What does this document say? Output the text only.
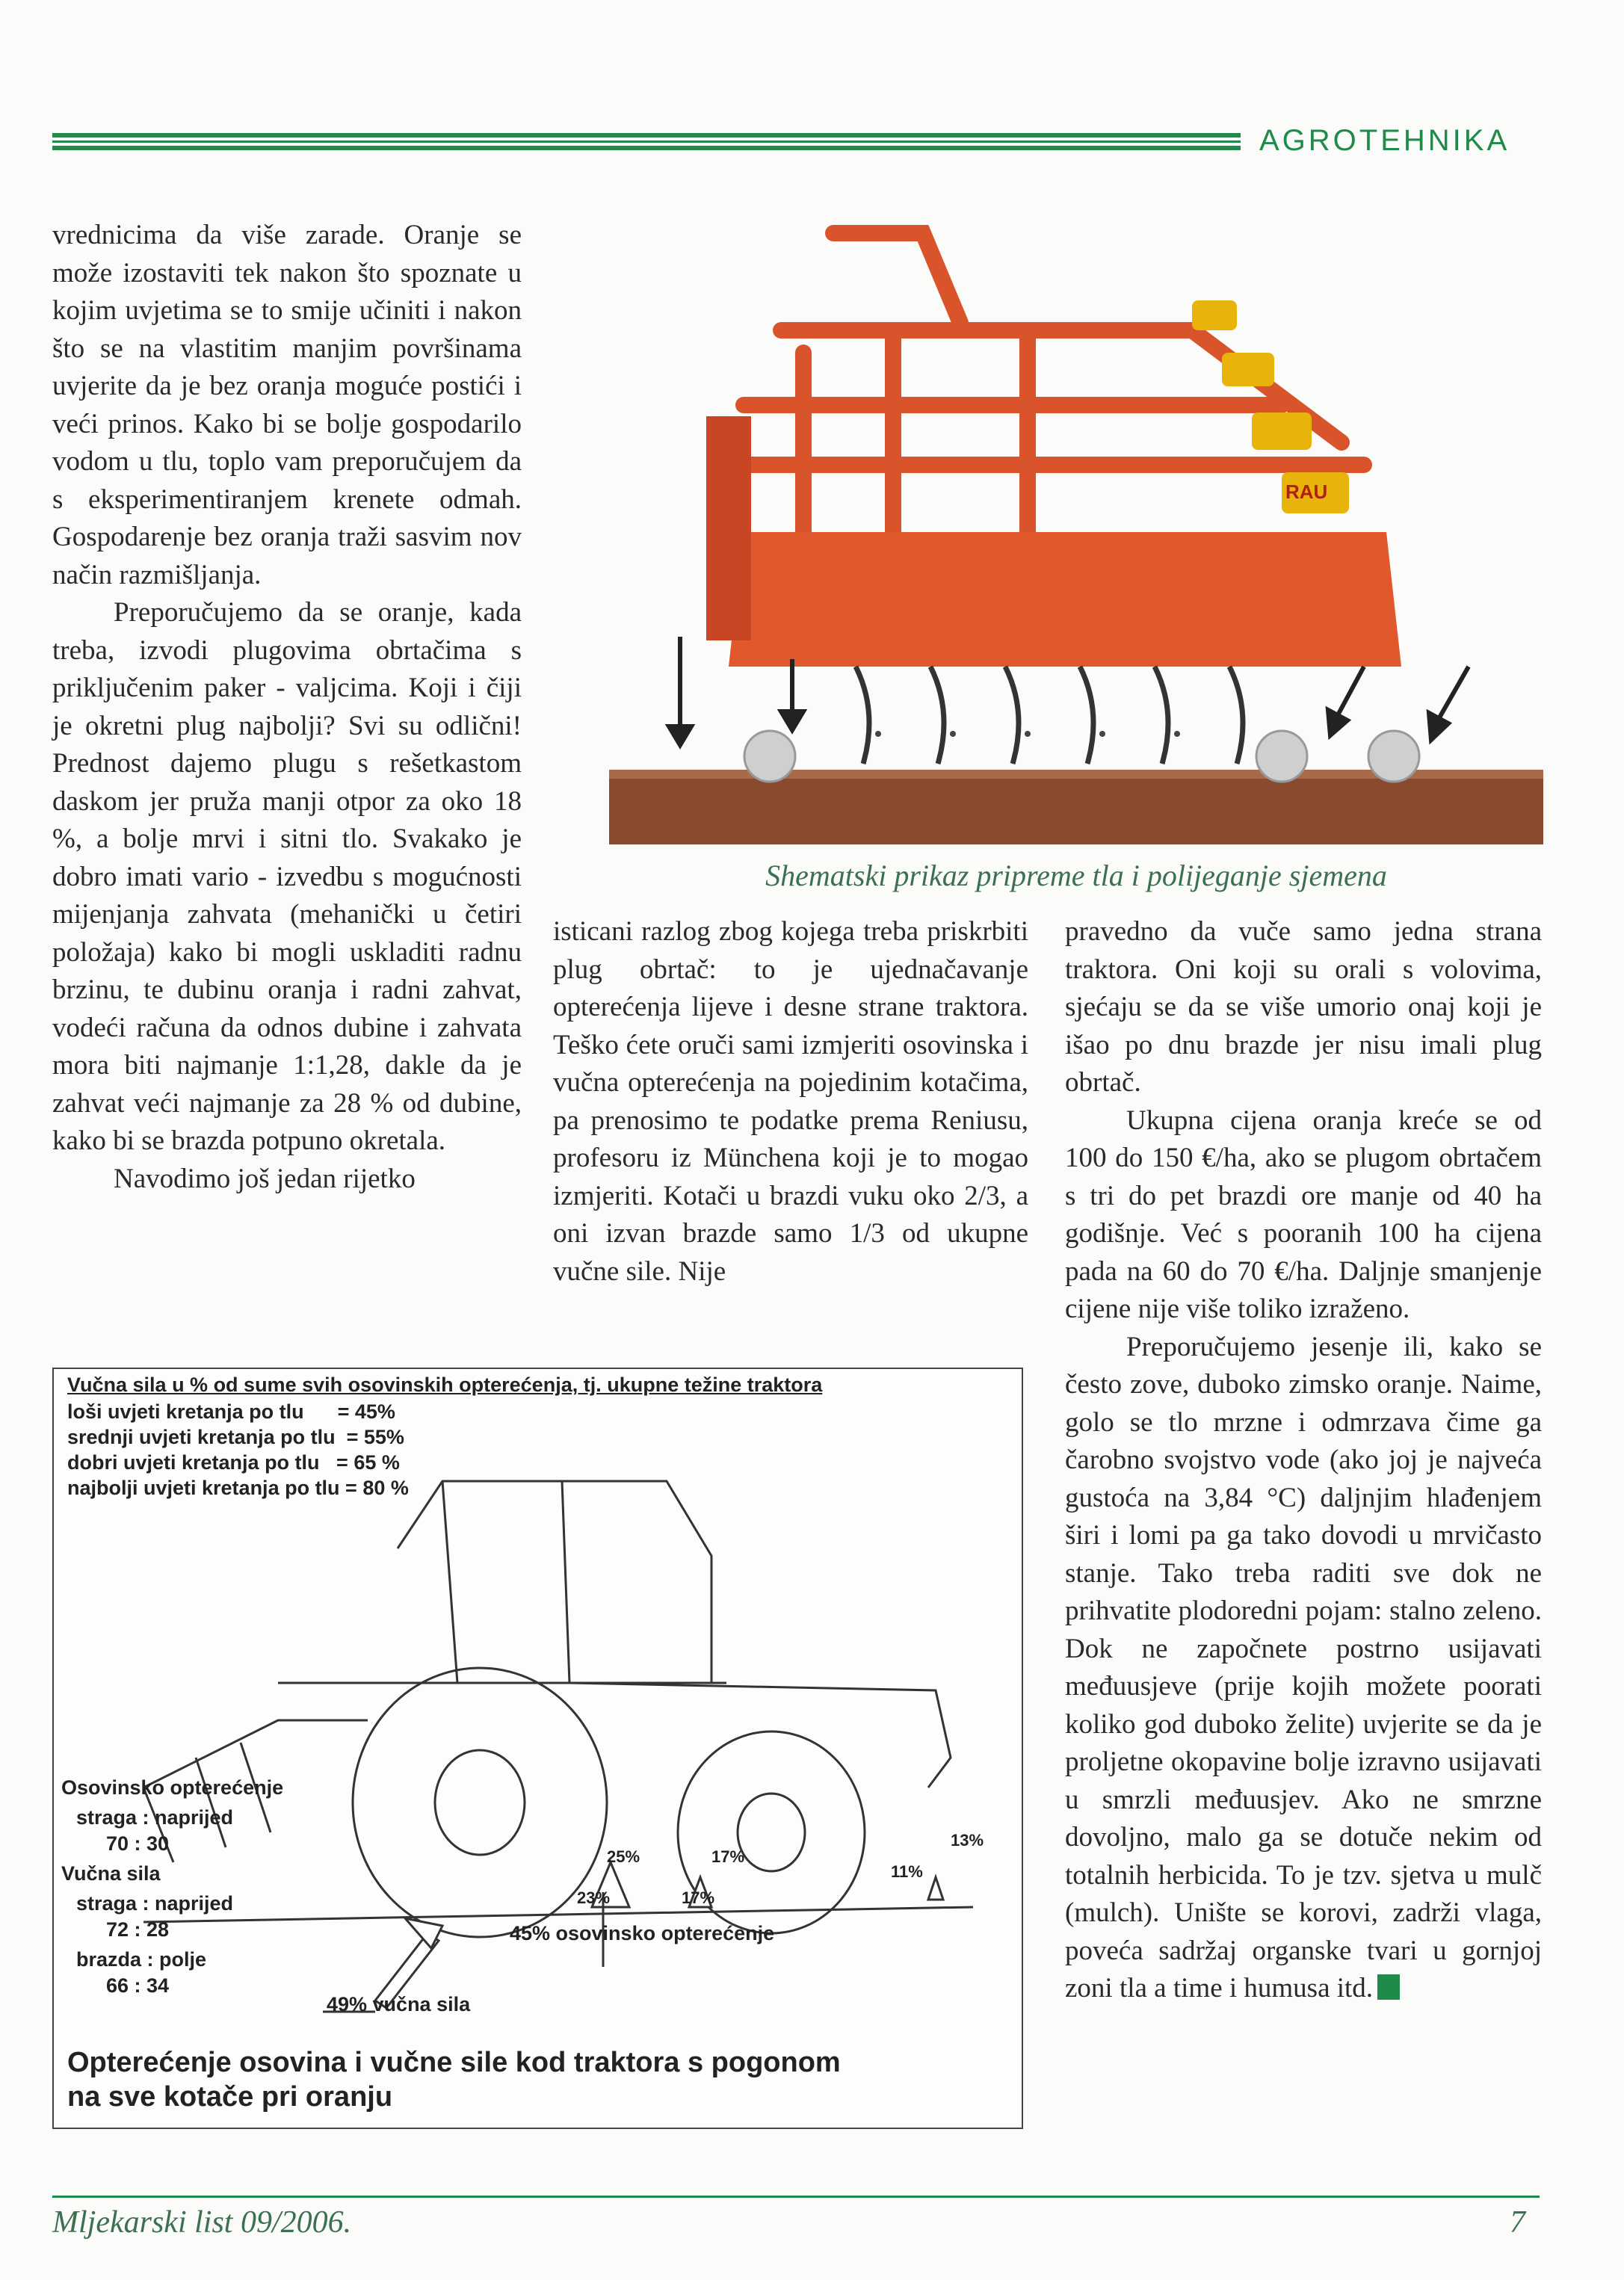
AGROTEHNIKA

vrednicima da više zarade. Oranje se može izostaviti tek nakon što spoznate u kojim uvjetima se to smije učiniti i nakon što se na vlastitim manjim površinama uvjerite da je bez oranja moguće postići i veći prinos. Kako bi se bolje gospodarilo vodom u tlu, toplo vam preporučujem da s eksperimentiranjem krenete odmah. Gospodarenje bez oranja traži sasvim nov način razmišljanja.

Preporučujemo da se oranje, kada treba, izvodi plugovima obrtačima s priključenim paker - valjcima. Koji i čiji je okretni plug najbolji? Svi su odlični! Prednost dajemo plugu s rešetkastom daskom jer pruža manji otpor za oko 18 %, a bolje mrvi i sitni tlo. Svakako je dobro imati vario - izvedbu s mogućnosti mijenjanja zahvata (mehanički u četiri položaja) kako bi mogli uskladiti radnu brzinu, te dubinu oranja i radni zahvat, vodeći računa da odnos dubine i zahvata mora biti najmanje 1:1,28, dakle da je zahvat veći najmanje za 28 % od dubine, kako bi se brazda potpuno okretala.

Navodimo još jedan rijetko

RAU
Shematski prikaz pripreme tla i polijeganje sjemena

isticani razlog zbog kojega treba priskrbiti plug obrtač: to je ujednačavanje opterećenja lijeve i desne strane traktora. Teško ćete oruči sami izmjeriti osovinska i vučna opterećenja na pojedinim kotačima, pa prenosimo te podatke prema Reniusu, profesoru iz Münchena koji je to mogao izmjeriti. Kotači u brazdi vuku oko 2/3, a oni izvan brazde samo 1/3 od ukupne vučne sile. Nije

pravedno da vuče samo jedna strana traktora. Oni koji su orali s volovima, sjećaju se da se više umorio onaj koji je išao po dnu brazde jer nisu imali plug obrtač.

Ukupna cijena oranja kreće se od 100 do 150 €/ha, ako se plugom obrtačem s tri do pet brazdi ore manje od 40 ha godišnje. Već s pooranih 100 ha cijena pada na 60 do 70 €/ha. Daljnje smanjenje cijene nije više toliko izraženo.

Preporučujemo jesenje ili, kako se često zove, duboko zimsko oranje. Naime, golo se tlo mrzne i odmrzava čime ga čarobno svojstvo vode (ako joj je najveća gustoća na 3,84 °C) daljnjim hlađenjem širi i lomi pa ga tako dovodi u mrvičasto stanje. Tako treba raditi sve dok ne prihvatite plodoredni pojam: stalno zeleno. Dok ne započnete postrno usijavati međuusjeve (prije kojih možete poorati koliko god duboko želite) uvjerite se da je proljetne okopavine bolje izravno usijavati u smrzli međuusjev. Ako ne smrzne dovoljno, malo ga se dotuče nekim od totalnih herbicida. To je tzv. sjetva u mulč (mulch). Unište se korovi, zadrži vlaga, poveća sadržaj organske tvari u gornjoj zoni tla a time i humusa itd.

Vučna sila u % od sume svih osovinskih opterećenja, tj. ukupne težine traktora
loši uvjeti kretanja po tlu      = 45%
srednji uvjeti kretanja po tlu  = 55%
dobri uvjeti kretanja po tlu   = 65 %
najbolji uvjeti kretanja po tlu = 80 %
Osovinsko opterećenje
straga : naprijed
70 : 30
Vučna sila
straga : naprijed
72 : 28
brazda : polje
66 : 34
25%
23%
17%
17%
13%
11%
45% osovinsko opterećenje
49% vučna sila
Opterećenje osovina i vučne sile kod traktora s pogonom
na sve kotače pri oranju
Mljekarski list 09/2006.	7
